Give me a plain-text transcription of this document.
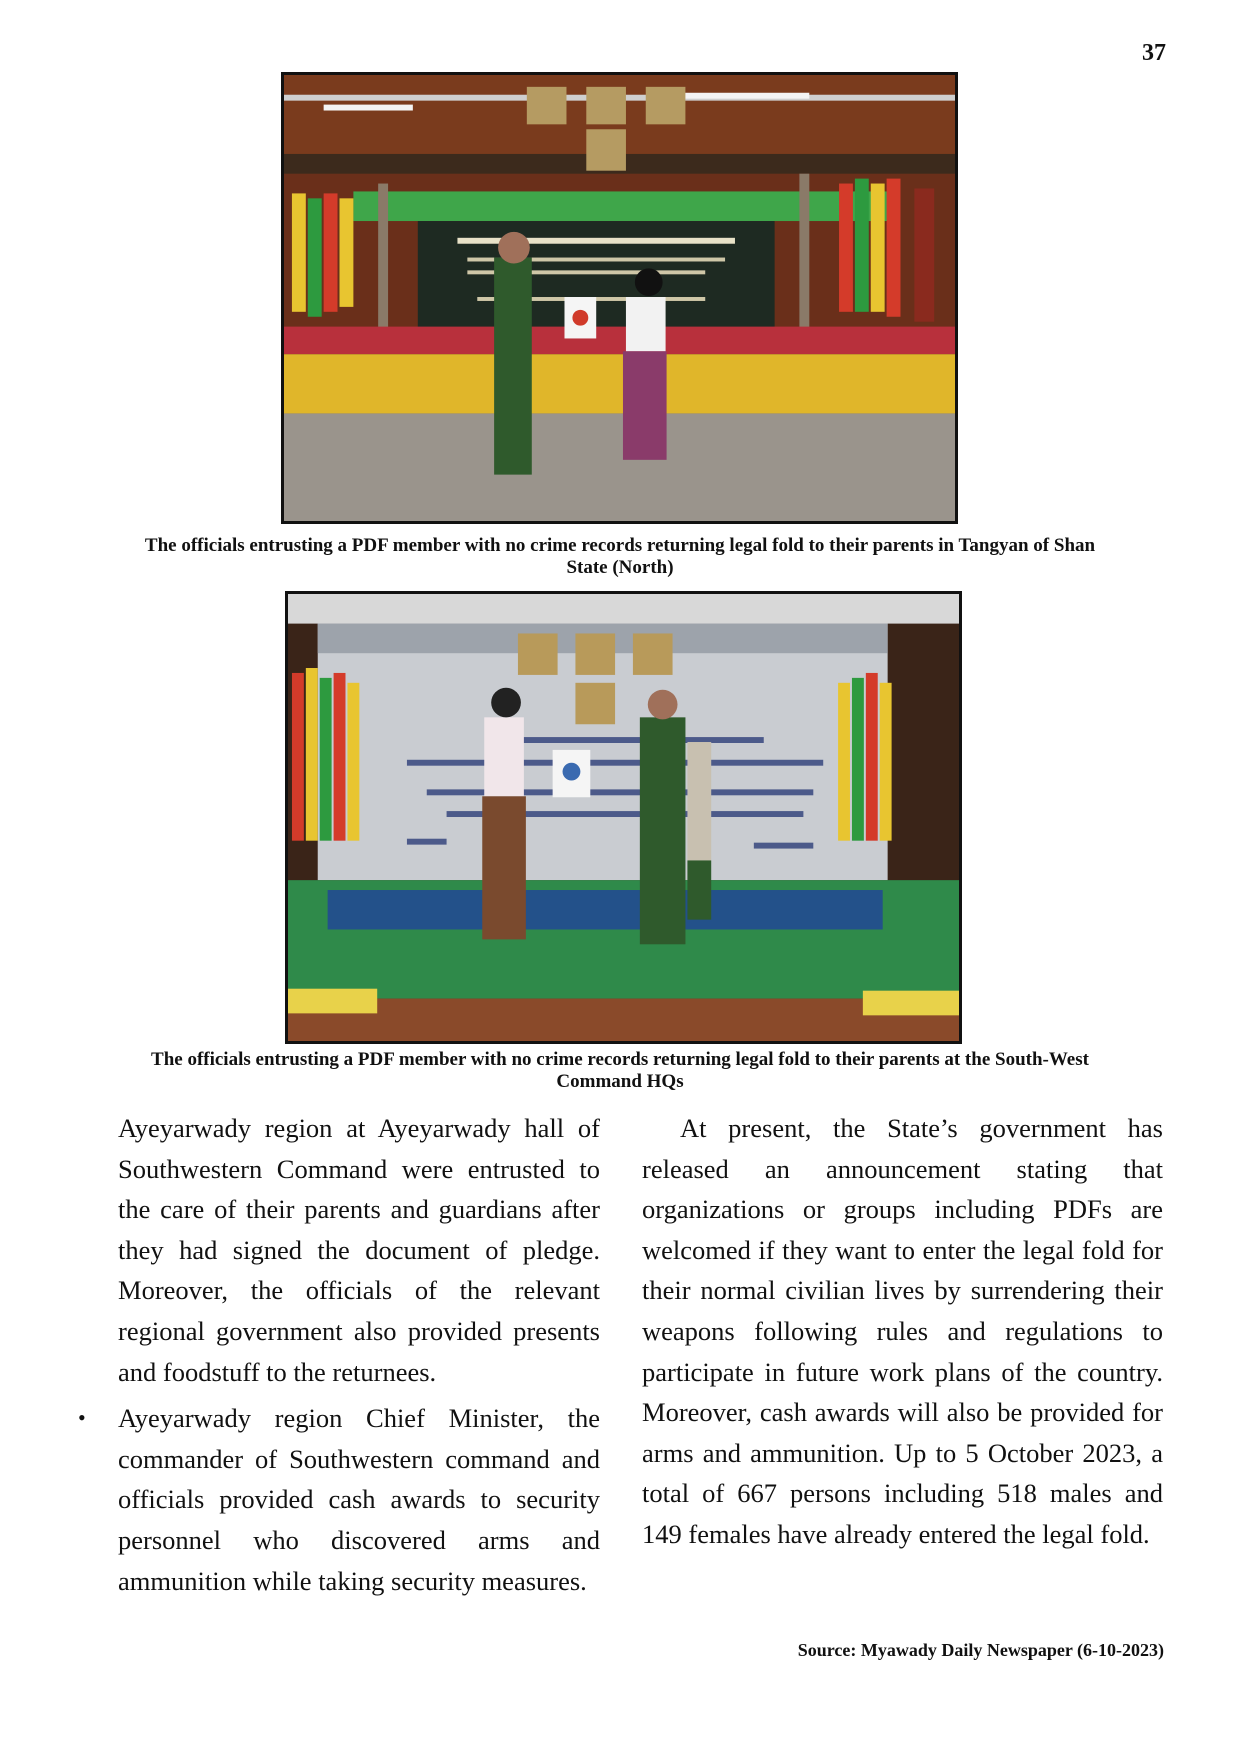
37
The officials entrusting a PDF member with no crime records returning legal fold to their parents in Tangyan of Shan State (North)
The officials entrusting a PDF member with no crime records returning legal fold to their parents at the South-West Command HQs

Ayeyarwady region at Ayeyarwady hall of Southwestern Command were entrusted to the care of their parents and guardians after they had signed the document of pledge. Moreover, the officials of the relevant regional government also provided presents and foodstuff to the returnees.

• Ayeyarwady region Chief Minister, the commander of Southwestern command and officials provided cash awards to security personnel who discovered arms and ammunition while taking security measures.

At present, the State’s government has released an announcement stating that organizations or groups including PDFs are welcomed if they want to enter the legal fold for their normal civilian lives by surrendering their weapons following rules and regulations to participate in future work plans of the country. Moreover, cash awards will also be provided for arms and ammunition. Up to 5 October 2023, a total of 667 persons including 518 males and 149 females have already entered the legal fold.

Source: Myawady Daily Newspaper (6-10-2023)
